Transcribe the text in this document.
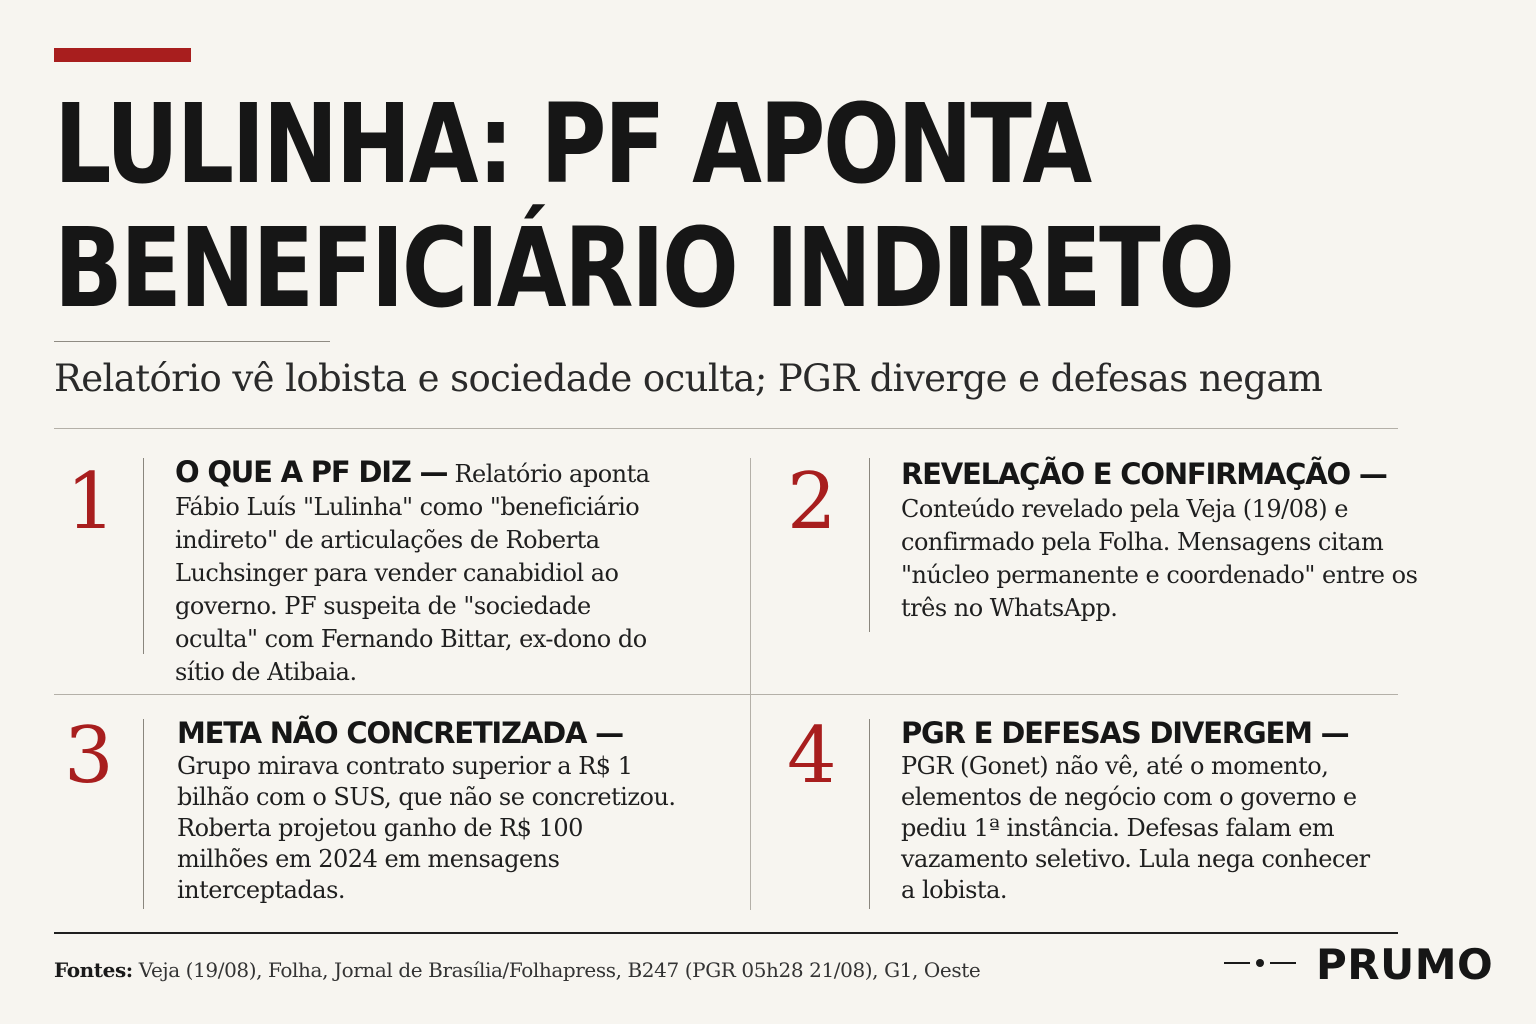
LULINHA: PF APONTA
BENEFICIÁRIO INDIRETO

Relatório vê lobista e sociedade oculta; PGR diverge e defesas negam

1 O QUE A PF DIZ — Relatório aponta Fábio Luís "Lulinha" como "beneficiário indireto" de articulações de Roberta Luchsinger para vender canabidiol ao governo. PF suspeita de "sociedade oculta" com Fernando Bittar, ex-dono do sítio de Atibaia.

2 REVELAÇÃO E CONFIRMAÇÃO —
Conteúdo revelado pela Veja (19/08) e confirmado pela Folha. Mensagens citam "núcleo permanente e coordenado" entre os três no WhatsApp.

3 META NÃO CONCRETIZADA — Grupo mirava contrato superior a R$ 1 bilhão com o SUS, que não se concretizou. Roberta projetou ganho de R$ 100 milhões em 2024 em mensagens interceptadas.

4 PGR E DEFESAS DIVERGEM —
PGR (Gonet) não vê, até o momento, elementos de negócio com o governo e pediu 1ª instância. Defesas falam em vazamento seletivo. Lula nega conhecer a lobista.

Fontes: Veja (19/08), Folha, Jornal de Brasília/Folhapress, B247 (PGR 05h28 21/08), G1, Oeste	PRUMO
